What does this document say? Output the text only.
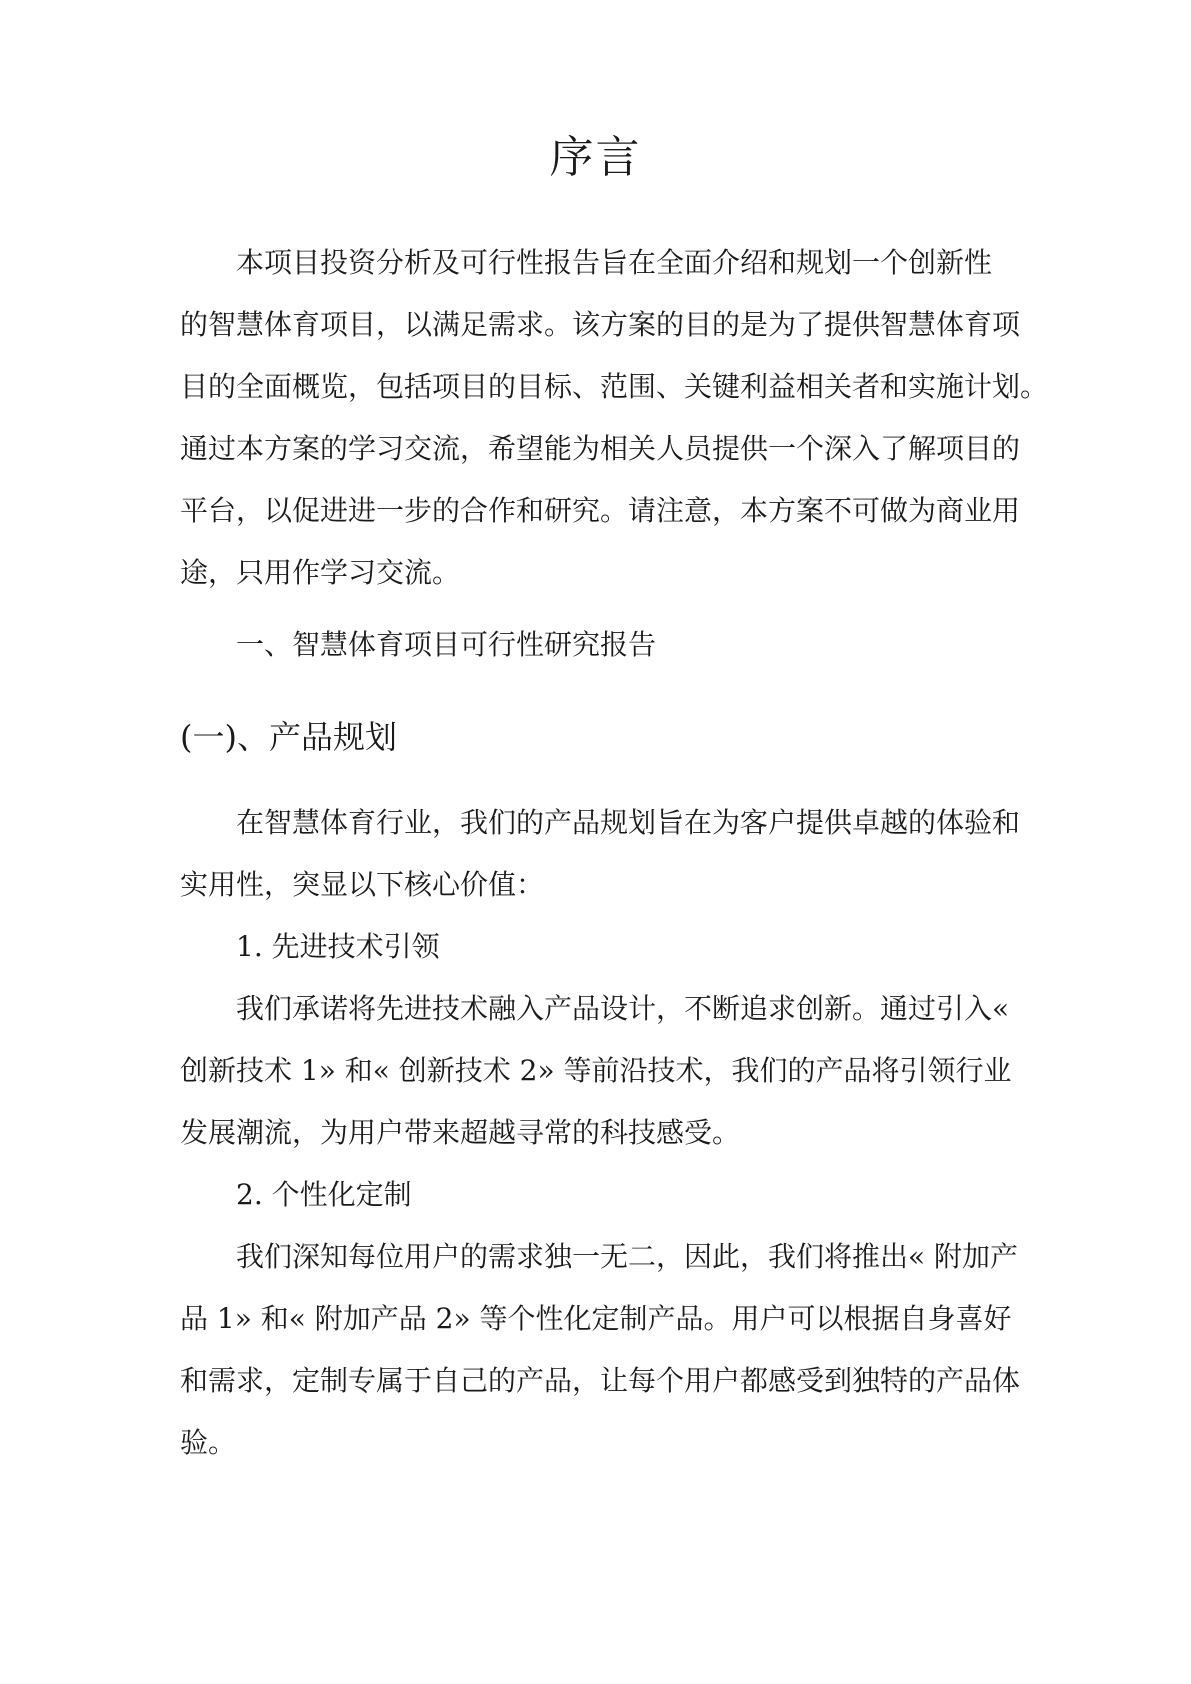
序言
本项目投资分析及可行性报告旨在全面介绍和规划一个创新性
的智慧体育项目，以满足需求。该方案的目的是为了提供智慧体育项
目的全面概览，包括项目的目标、范围、关键利益相关者和实施计划。
通过本方案的学习交流，希望能为相关人员提供一个深入了解项目的
平台，以促进进一步的合作和研究。请注意，本方案不可做为商业用
途，只用作学习交流。
一、智慧体育项目可行性研究报告
(一)、产品规划
在智慧体育行业，我们的产品规划旨在为客户提供卓越的体验和
实用性，突显以下核心价值：
1. 先进技术引领
我们承诺将先进技术融入产品设计，不断追求创新。通过引入«
创新技术 1» 和« 创新技术 2» 等前沿技术，我们的产品将引领行业
发展潮流，为用户带来超越寻常的科技感受。
2. 个性化定制
我们深知每位用户的需求独一无二，因此，我们将推出« 附加产
品 1» 和« 附加产品 2» 等个性化定制产品。用户可以根据自身喜好
和需求，定制专属于自己的产品，让每个用户都感受到独特的产品体
验。
